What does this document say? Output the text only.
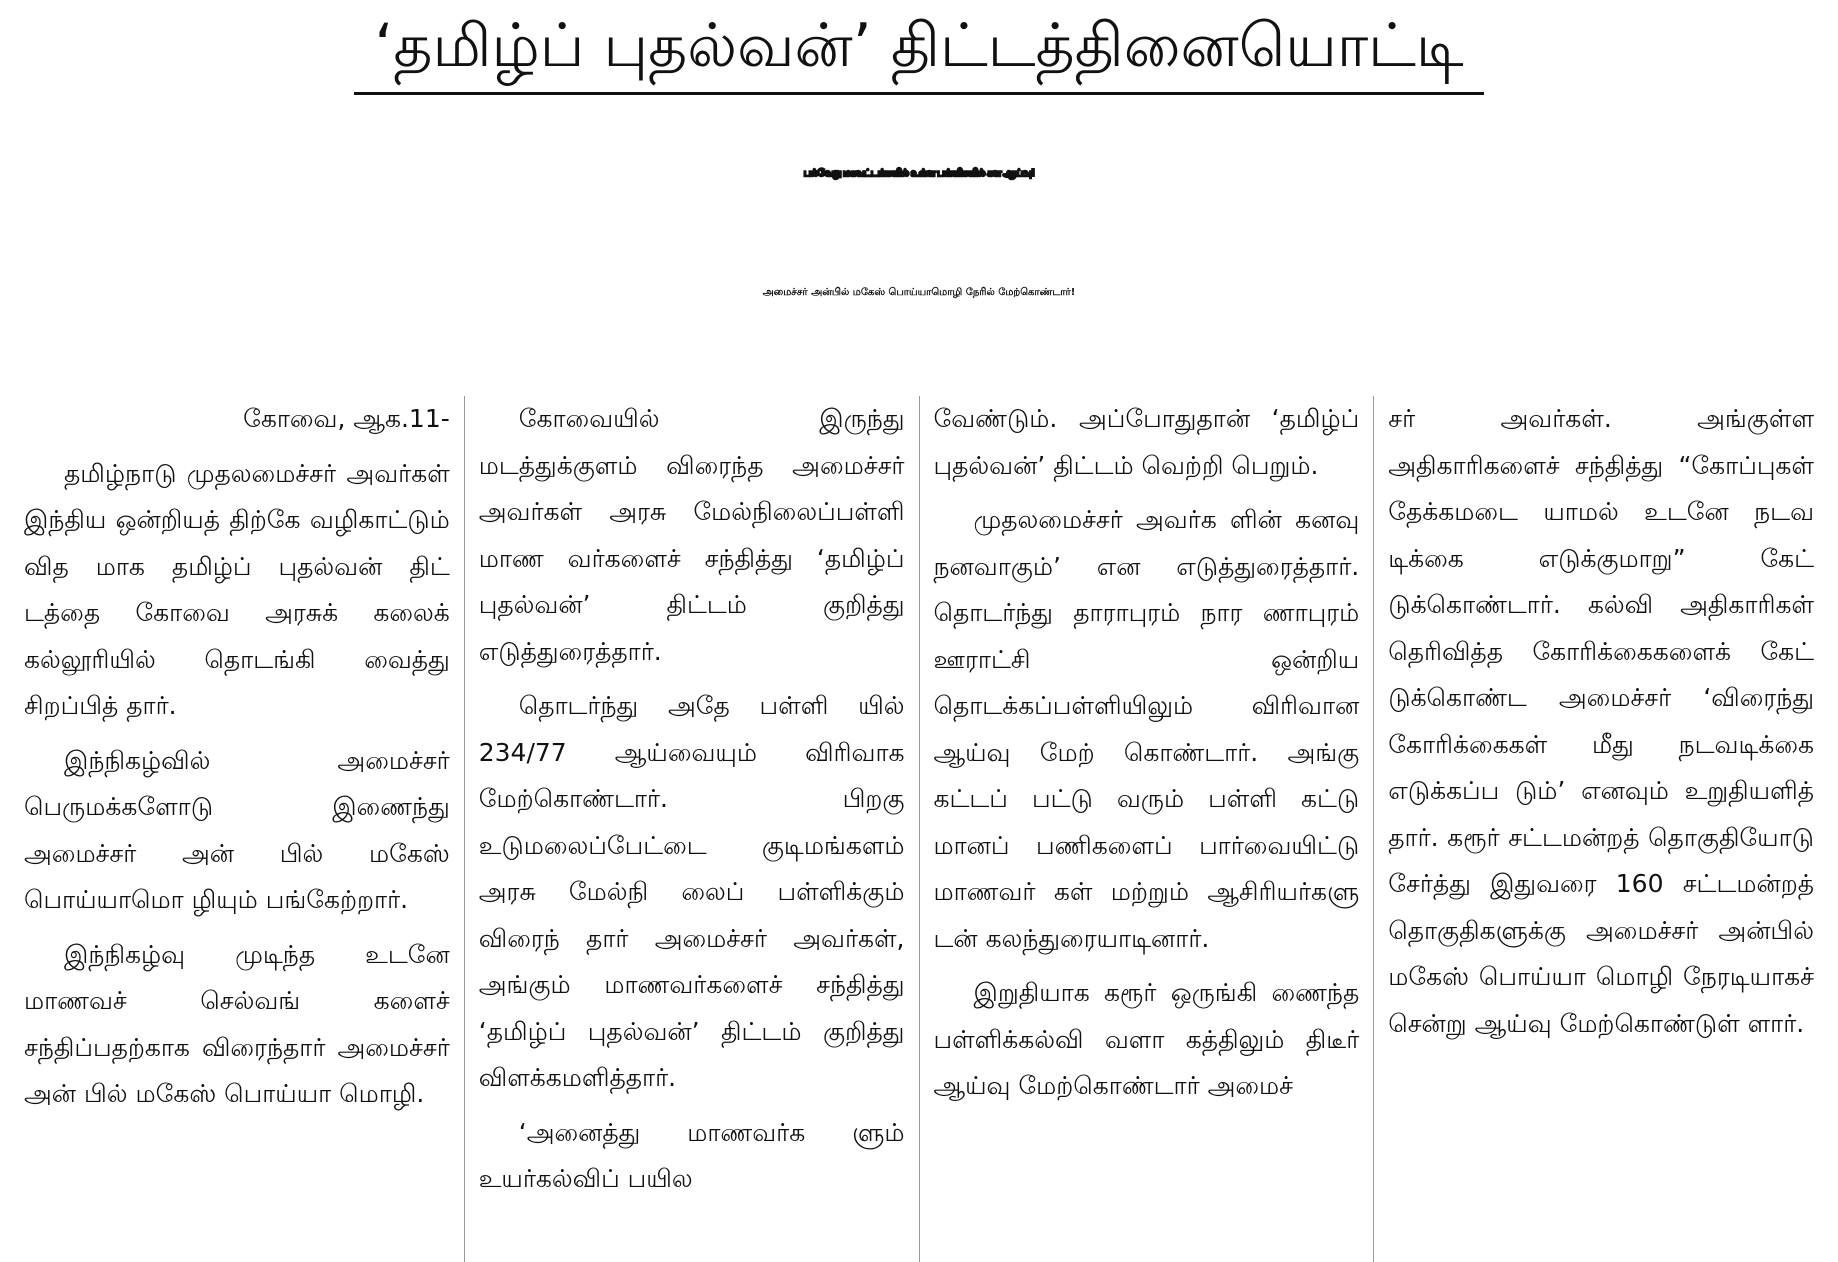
‘தமிழ்ப் புதல்வன்’ திட்டத்தினையொட்டி
பல்வேறு மாவட்டங்களில் உள்ள பள்ளிகளில் கள ஆய்வு!
அமைச்சர் அன்பில் மகேஸ் பொய்யாமொழி நேரில் மேற்கொண்டார்!

கோவை, ஆக.11-

தமிழ்நாடு முதலமைச்சர் அவர்கள் இந்திய ஒன்றியத் திற்கே வழிகாட்டும் வித மாக தமிழ்ப் புதல்வன் திட் டத்தை கோவை அரசுக் கலைக் கல்லூரியில் தொடங்கி வைத்து சிறப்பித் தார்.

இந்நிகழ்வில் அமைச்சர் பெருமக்களோடு இணைந்து அமைச்சர் அன் பில் மகேஸ் பொய்யாமொ ழியும் பங்கேற்றார்.

இந்நிகழ்வு முடிந்த உடனே மாணவச் செல்வங் களைச் சந்திப்பதற்காக விரைந்தார் அமைச்சர் அன் பில் மகேஸ் பொய்யா மொழி.

கோவையில் இருந்து மடத்துக்குளம் விரைந்த அமைச்சர் அவர்கள் அரசு மேல்நிலைப்பள்ளி மாண வர்களைச் சந்தித்து ‘தமிழ்ப் புதல்வன்’ திட்டம் குறித்து எடுத்துரைத்தார்.

தொடர்ந்து அதே பள்ளி யில் 234/77 ஆய்வையும் விரிவாக மேற்கொண்டார். பிறகு உடுமலைப்பேட்டை குடிமங்களம் அரசு மேல்நி லைப் பள்ளிக்கும் விரைந் தார் அமைச்சர் அவர்கள், அங்கும் மாணவர்களைச் சந்தித்து ‘தமிழ்ப் புதல்வன்’ திட்டம் குறித்து விளக்கமளித்தார்.

‘அனைத்து மாணவர்க ளும் உயர்கல்விப் பயில

வேண்டும். அப்போதுதான் ‘தமிழ்ப் புதல்வன்’ திட்டம் வெற்றி பெறும்.

முதலமைச்சர் அவர்க ளின் கனவு நனவாகும்’ என எடுத்துரைத்தார். தொடர்ந்து தாராபுரம் நார ணாபுரம் ஊராட்சி ஒன்றிய தொடக்கப்பள்ளியிலும் விரிவான ஆய்வு மேற் கொண்டார். அங்கு கட்டப் பட்டு வரும் பள்ளி கட்டு மானப் பணிகளைப் பார்வையிட்டு மாணவர் கள் மற்றும் ஆசிரியர்களு டன் கலந்துரையாடினார்.

இறுதியாக கரூர் ஒருங்கி ணைந்த பள்ளிக்கல்வி வளா கத்திலும் திடீர் ஆய்வு மேற்கொண்டார் அமைச்

சர் அவர்கள். அங்குள்ள அதிகாரிகளைச் சந்தித்து “கோப்புகள் தேக்கமடை யாமல் உடனே நடவ டிக்கை எடுக்குமாறு” கேட் டுக்கொண்டார். கல்வி அதிகாரிகள் தெரிவித்த கோரிக்கைகளைக் கேட் டுக்கொண்ட அமைச்சர் ‘விரைந்து கோரிக்கைகள் மீது நடவடிக்கை எடுக்கப்ப டும்’ எனவும் உறுதியளித் தார். கரூர் சட்டமன்றத் தொகுதியோடு சேர்த்து இதுவரை 160 சட்டமன்றத் தொகுதிகளுக்கு அமைச்சர் அன்பில் மகேஸ் பொய்யா மொழி நேரடியாகச் சென்று ஆய்வு மேற்கொண்டுள் ளார்.
